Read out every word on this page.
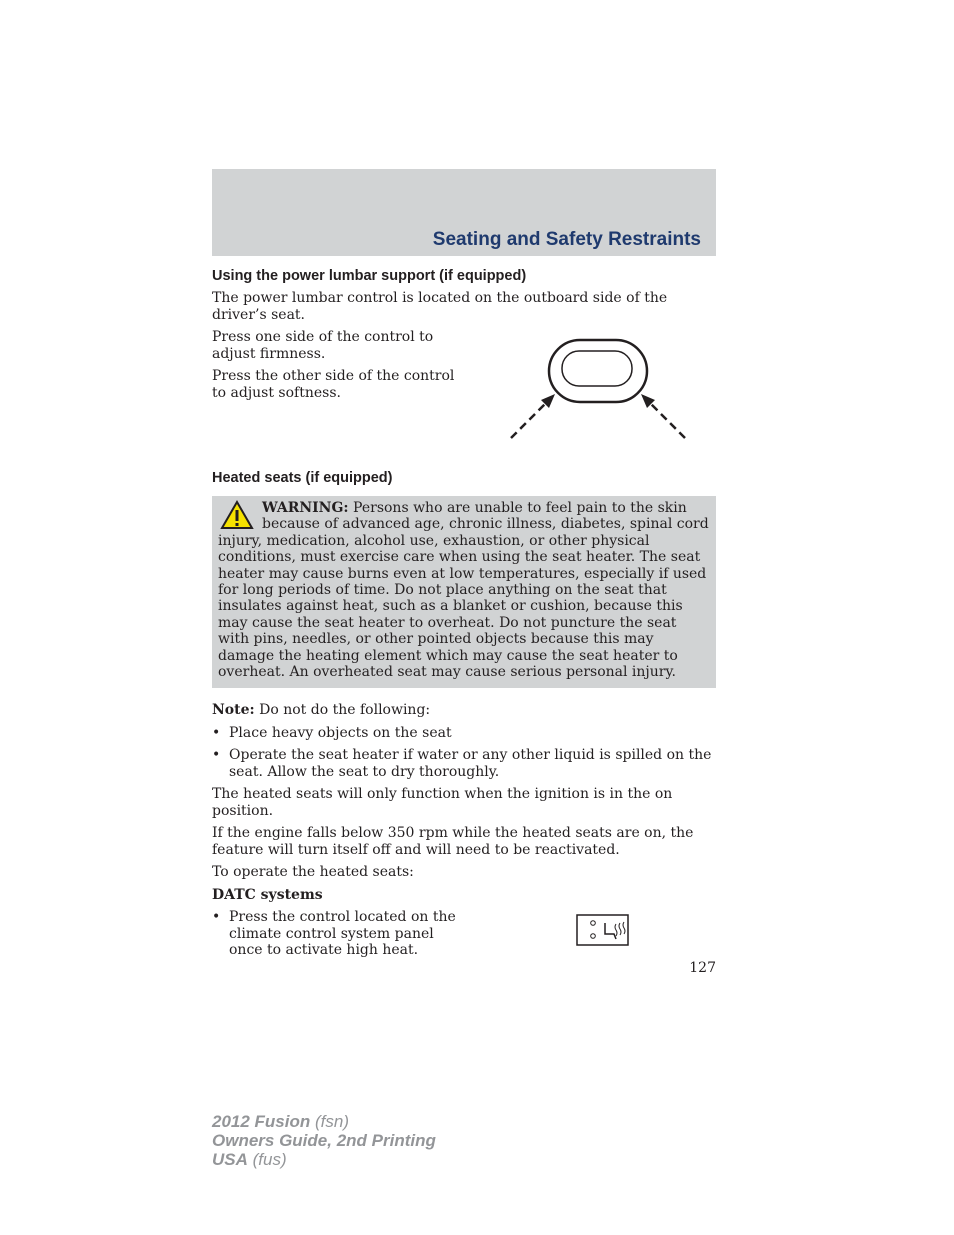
Seating and Safety Restraints
Using the power lumbar support (if equipped)

The power lumbar control is located on the outboard side of the driver’s seat.

Press one side of the control to adjust firmness.

Press the other side of the control to adjust softness.

Heated seats (if equipped)
WARNING: Persons who are unable to feel pain to the skin because of advanced age, chronic illness, diabetes, spinal cord injury, medication, alcohol use, exhaustion, or other physical conditions, must exercise care when using the seat heater. The seat heater may cause burns even at low temperatures, especially if used for long periods of time. Do not place anything on the seat that insulates against heat, such as a blanket or cushion, because this may cause the seat heater to overheat. Do not puncture the seat with pins, needles, or other pointed objects because this may damage the heating element which may cause the seat heater to overheat. An overheated seat may cause serious personal injury.

Note: Do not do the following:

• Place heavy objects on the seat
• Operate the seat heater if water or any other liquid is spilled on the seat. Allow the seat to dry thoroughly.

The heated seats will only function when the ignition is in the on position.

If the engine falls below 350 rpm while the heated seats are on, the feature will turn itself off and will need to be reactivated.

To operate the heated seats:

DATC systems

• Press the control located on the climate control system panel once to activate high heat.
127
2012 Fusion (fsn)
Owners Guide, 2nd Printing
USA (fus)
